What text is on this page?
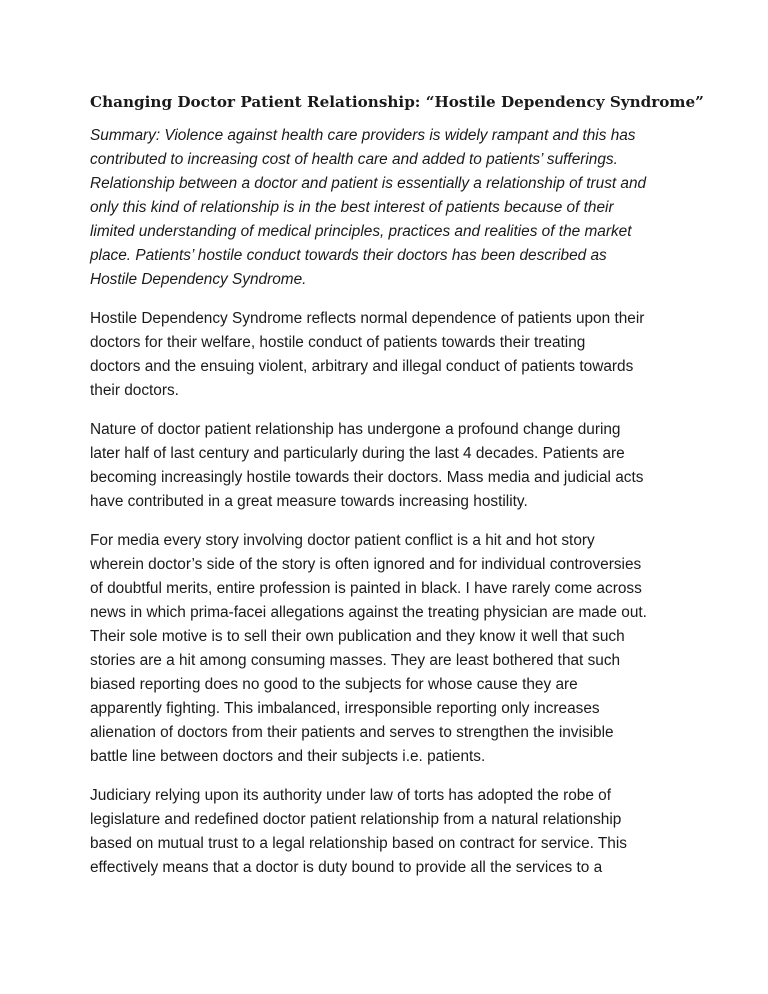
Changing Doctor Patient Relationship: “Hostile Dependency Syndrome”
Summary: Violence against health care providers is widely rampant and this has
contributed to increasing cost of health care and added to patients’ sufferings.
Relationship between a doctor and patient is essentially a relationship of trust and
only this kind of relationship is in the best interest of patients because of their
limited understanding of medical principles, practices and realities of the market
place. Patients’ hostile conduct towards their doctors has been described as
Hostile Dependency Syndrome.
Hostile Dependency Syndrome reflects normal dependence of patients upon their
doctors for their welfare, hostile conduct of patients towards their treating
doctors and the ensuing violent, arbitrary and illegal conduct of patients towards
their doctors.
Nature of doctor patient relationship has undergone a profound change during
later half of last century and particularly during the last 4 decades. Patients are
becoming increasingly hostile towards their doctors. Mass media and judicial acts
have contributed in a great measure towards increasing hostility.
For media every story involving doctor patient conflict is a hit and hot story
wherein doctor’s side of the story is often ignored and for individual controversies
of doubtful merits, entire profession is painted in black. I have rarely come across
news in which prima-facei allegations against the treating physician are made out.
Their sole motive is to sell their own publication and they know it well that such
stories are a hit among consuming masses. They are least bothered that such
biased reporting does no good to the subjects for whose cause they are
apparently fighting. This imbalanced, irresponsible reporting only increases
alienation of doctors from their patients and serves to strengthen the invisible
battle line between doctors and their subjects i.e. patients.
Judiciary relying upon its authority under law of torts has adopted the robe of
legislature and redefined doctor patient relationship from a natural relationship
based on mutual trust to a legal relationship based on contract for service. This
effectively means that a doctor is duty bound to provide all the services to a
